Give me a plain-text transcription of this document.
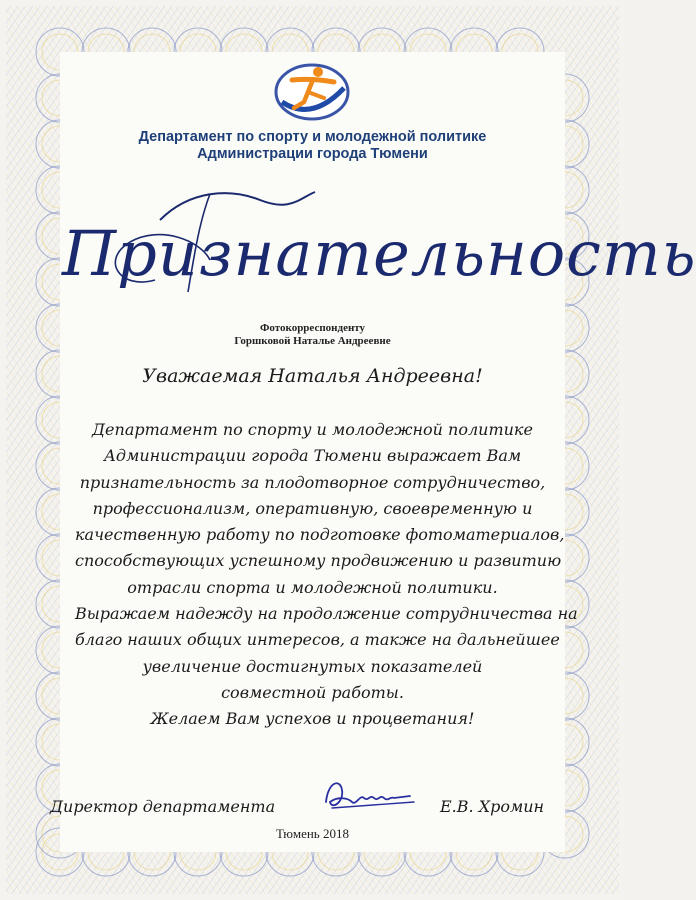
Департамент по спорту и молодежной политике
Администрации города Тюмени
Признательность
Фотокорреспонденту
Горшковой Наталье Андреевне
Уважаемая Наталья Андреевна!
Департамент по спорту и молодежной политике
Администрации города Тюмени выражает Вам
признательность за плодотворное сотрудничество,
профессионализм, оперативную, своевременную и
качественную работу по подготовке фотоматериалов,
способствующих успешному продвижению и развитию
отрасли спорта и молодежной политики.
Выражаем надежду на продолжение сотрудничества на
благо наших общих интересов, а также на дальнейшее
увеличение достигнутых показателей
совместной работы.
Желаем Вам успехов и процветания!
Директор департамента	Е.В. Хромин
Тюмень 2018
